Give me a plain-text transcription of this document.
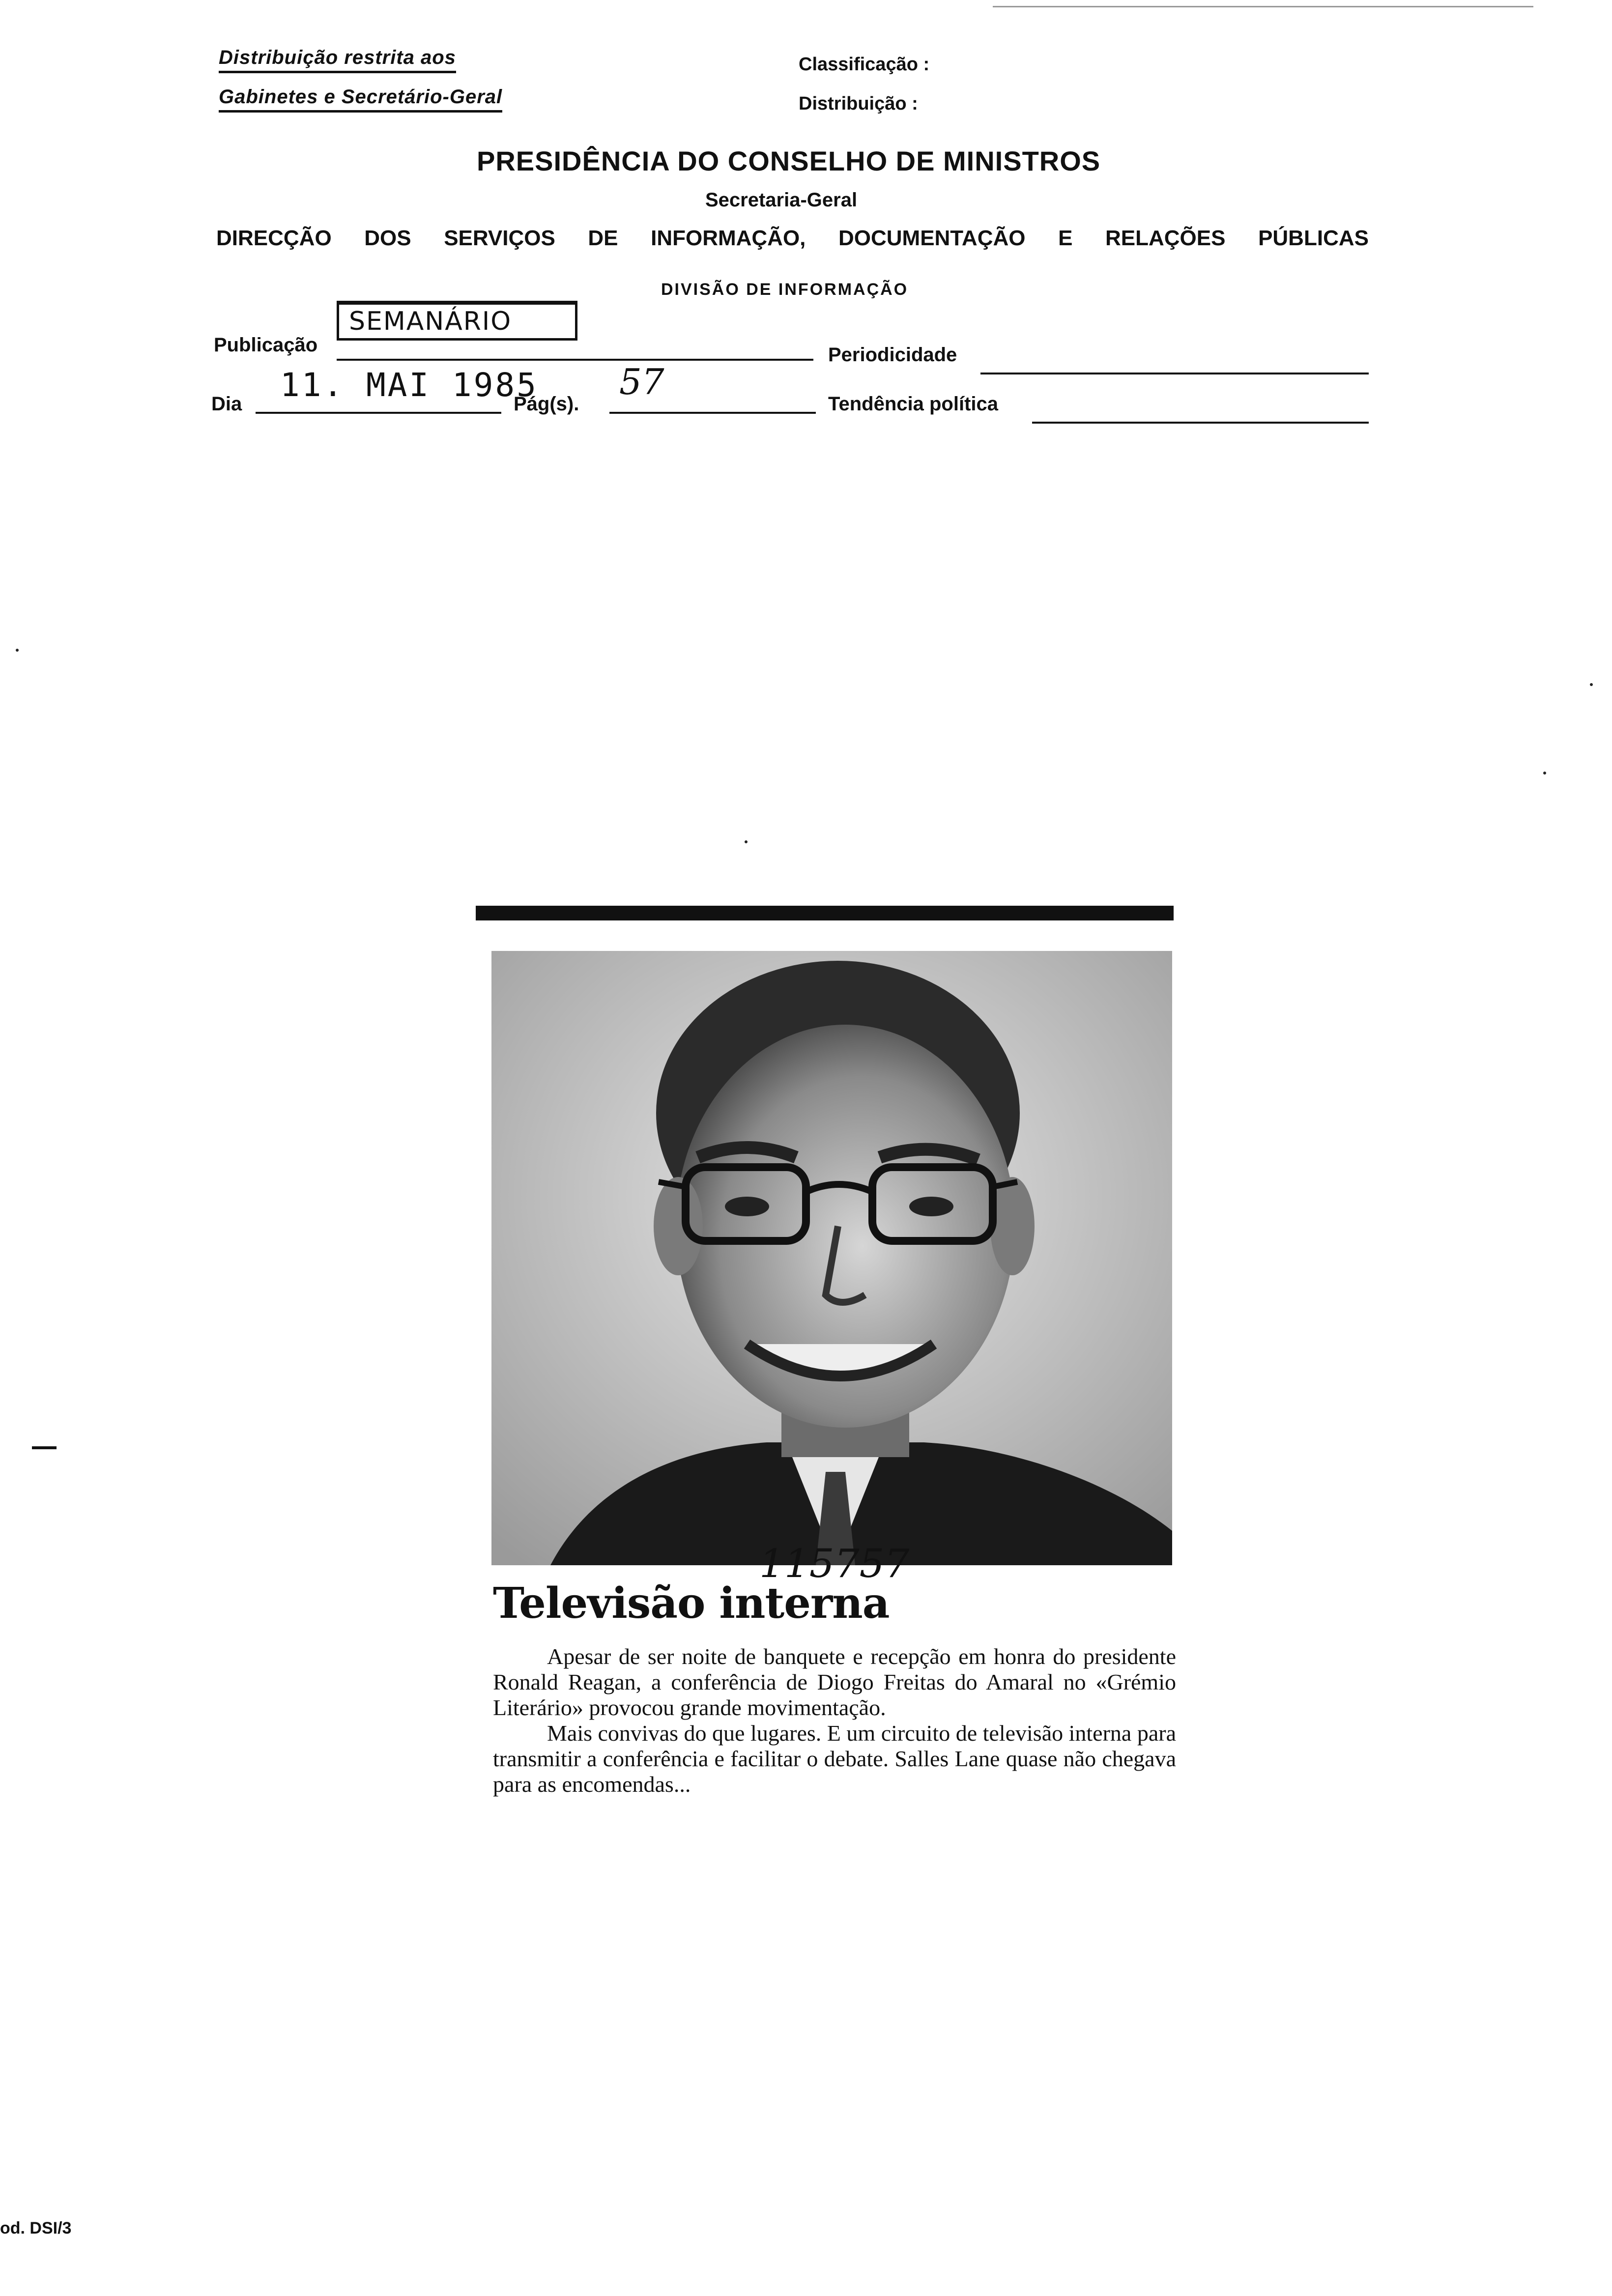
Distribuição restrita aos
Gabinetes e Secretário-Geral
Classificação :
Distribuição :
PRESIDÊNCIA DO CONSELHO DE MINISTROS
Secretaria-Geral
DIRECÇÃO DOS SERVIÇOS DE INFORMAÇÃO, DOCUMENTAÇÃO E RELAÇÕES PÚBLICAS
DIVISÃO DE INFORMAÇÃO
Publicação
SEMANÁRIO
Periodicidade
Dia 11. MAI 1985
Pág(s).
57
Tendência política
115757
Televisão interna

Apesar de ser noite de banquete e recepção em honra do presidente Ronald Reagan, a conferência de Diogo Freitas do Amaral no «Grémio Literário» provocou grande movimentação.

Mais convivas do que lugares. E um circuito de televisão interna para transmitir a conferência e facilitar o debate. Salles Lane quase não chegava para as encomendas...

od. DSI/3
